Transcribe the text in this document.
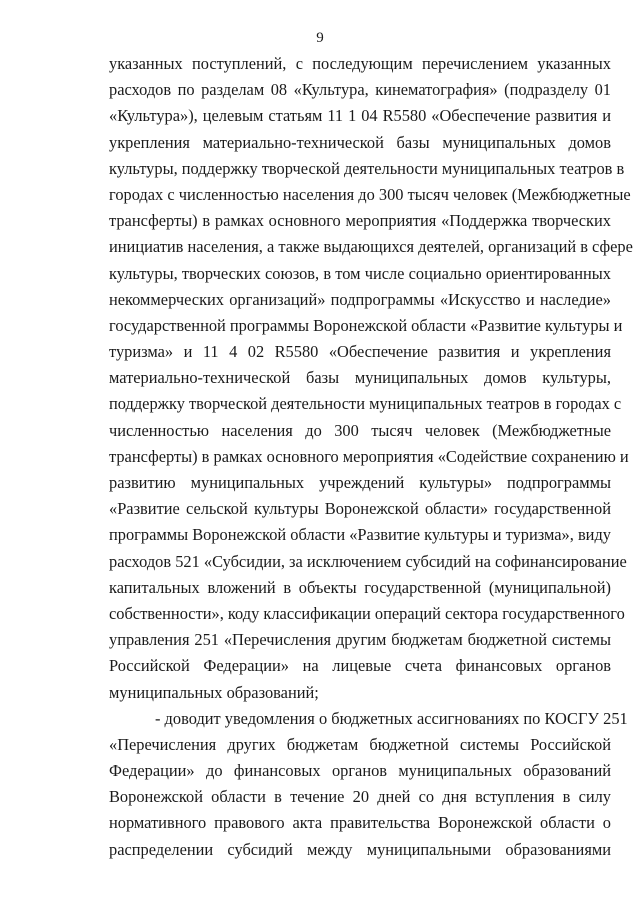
9
указанных поступлений, с последующим перечислением указанных
расходов по разделам 08 «Культура, кинематография» (подразделу 01
«Культура»), целевым статьям 11 1 04 R5580 «Обеспечение развития и
укрепления материально-технической базы муниципальных домов
культуры, поддержку творческой деятельности муниципальных театров в
городах с численностью населения до 300 тысяч человек (Межбюджетные
трансферты) в рамках основного мероприятия «Поддержка творческих
инициатив населения, а также выдающихся деятелей, организаций в сфере
культуры, творческих союзов, в том числе социально ориентированных
некоммерческих организаций» подпрограммы «Искусство и наследие»
государственной программы Воронежской области «Развитие культуры и
туризма» и 11 4 02 R5580 «Обеспечение развития и укрепления
материально-технической базы муниципальных домов культуры,
поддержку творческой деятельности муниципальных театров в городах с
численностью населения до 300 тысяч человек (Межбюджетные
трансферты) в рамках основного мероприятия «Содействие сохранению и
развитию муниципальных учреждений культуры» подпрограммы
«Развитие сельской культуры Воронежской области» государственной
программы Воронежской области «Развитие культуры и туризма», виду
расходов 521 «Субсидии, за исключением субсидий на софинансирование
капитальных вложений в объекты государственной (муниципальной)
собственности», коду классификации операций сектора государственного
управления 251 «Перечисления другим бюджетам бюджетной системы
Российской Федерации» на лицевые счета финансовых органов
муниципальных образований;
- доводит уведомления о бюджетных ассигнованиях по КОСГУ 251
«Перечисления других бюджетам бюджетной системы Российской
Федерации» до финансовых органов муниципальных образований
Воронежской области в течение 20 дней со дня вступления в силу
нормативного правового акта правительства Воронежской области о
распределении субсидий между муниципальными образованиями
